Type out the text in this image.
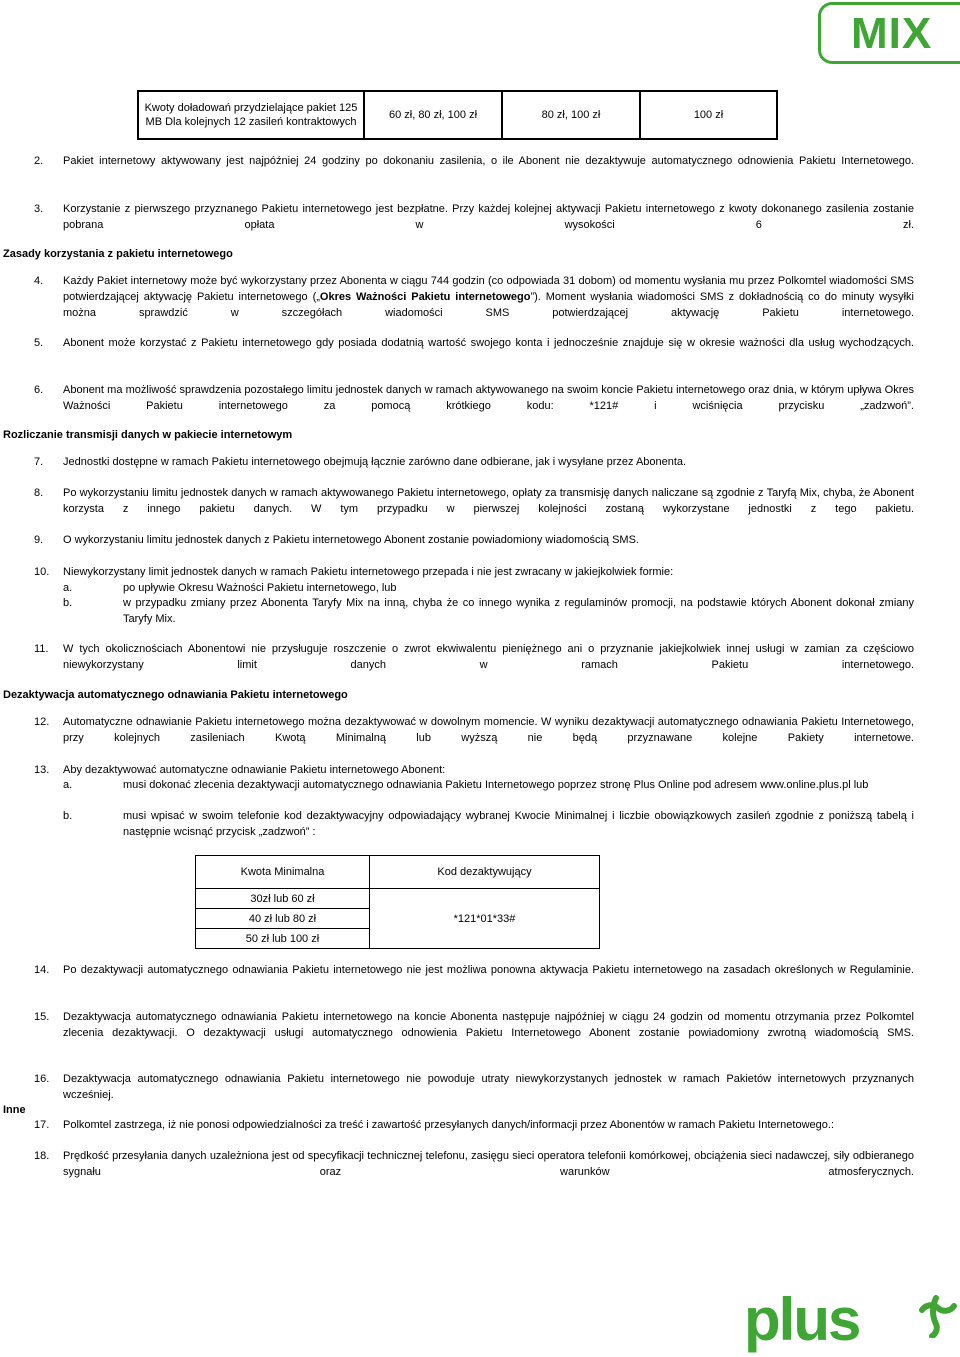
MIX
Kwoty doładowań przydzielające pakiet 125 MB Dla kolejnych 12 zasileń kontraktowych	60 zł, 80 zł, 100 zł	80 zł, 100 zł	100 zł
2.	Pakiet internetowy aktywowany jest najpóźniej 24 godziny po dokonaniu zasilenia, o ile Abonent nie dezaktywuje automatycznego odnowienia Pakietu Internetowego.
3.	Korzystanie z pierwszego przyznanego Pakietu internetowego jest bezpłatne. Przy każdej kolejnej aktywacji Pakietu internetowego z kwoty dokonanego zasilenia zostanie pobrana opłata w wysokości 6 zł.
Zasady korzystania z pakietu internetowego
4.	Każdy Pakiet internetowy może być wykorzystany przez Abonenta w ciągu 744 godzin (co odpowiada 31 dobom) od momentu wysłania mu przez Polkomtel wiadomości SMS potwierdzającej aktywację Pakietu internetowego („Okres Ważności Pakietu internetowego”). Moment wysłania wiadomości SMS z dokładnością co do minuty wysyłki można sprawdzić w szczegółach wiadomości SMS potwierdzającej aktywację Pakietu internetowego.
5.	Abonent może korzystać z Pakietu internetowego gdy posiada dodatnią wartość swojego konta i jednocześnie znajduje się w okresie ważności dla usług wychodzących.
6.	Abonent ma możliwość sprawdzenia pozostałego limitu jednostek danych w ramach aktywowanego na swoim koncie Pakietu internetowego oraz dnia, w którym upływa Okres Ważności Pakietu internetowego za pomocą krótkiego kodu: *121# i wciśnięcia przycisku „zadzwoń”.
Rozliczanie transmisji danych w pakiecie internetowym
7.	Jednostki dostępne w ramach Pakietu internetowego obejmują łącznie zarówno dane odbierane, jak i wysyłane przez Abonenta.
8.	Po wykorzystaniu limitu jednostek danych w ramach aktywowanego Pakietu internetowego, opłaty za transmisję danych naliczane są zgodnie z Taryfą Mix, chyba, że Abonent korzysta z innego pakietu danych. W tym przypadku w pierwszej kolejności zostaną wykorzystane jednostki z tego pakietu.
9.	O wykorzystaniu limitu jednostek danych z Pakietu internetowego Abonent zostanie powiadomiony wiadomością SMS.
10.	Niewykorzystany limit jednostek danych w ramach Pakietu internetowego przepada i nie jest zwracany w jakiejkolwiek formie:
a.	po upływie Okresu Ważności Pakietu internetowego, lub
b.	w przypadku zmiany przez Abonenta Taryfy Mix na inną, chyba że co innego wynika z regulaminów promocji, na podstawie których Abonent dokonał zmiany Taryfy Mix.
11.	W tych okolicznościach Abonentowi nie przysługuje roszczenie o zwrot ekwiwalentu pieniężnego ani o przyznanie jakiejkolwiek innej usługi w zamian za częściowo niewykorzystany limit danych w ramach Pakietu internetowego.
Dezaktywacja automatycznego odnawiania Pakietu internetowego
12.	Automatyczne odnawianie Pakietu internetowego można dezaktywować w dowolnym momencie. W wyniku dezaktywacji automatycznego odnawiania Pakietu Internetowego, przy kolejnych zasileniach Kwotą Minimalną lub wyższą nie będą przyznawane kolejne Pakiety internetowe.
13.	Aby dezaktywować automatyczne odnawianie Pakietu internetowego Abonent:
a.	musi dokonać zlecenia dezaktywacji automatycznego odnawiania Pakietu Internetowego poprzez stronę Plus Online pod adresem www.online.plus.pl lub
b.	musi wpisać w swoim telefonie kod dezaktywacyjny odpowiadający wybranej Kwocie Minimalnej i liczbie obowiązkowych zasileń zgodnie z poniższą tabelą i następnie wcisnąć przycisk „zadzwoń” :
Kwota Minimalna	Kod dezaktywujący
30zł lub 60 zł	*121*01*33#
40 zł lub 80 zł	
50 zł lub 100 zł	
14.	Po dezaktywacji automatycznego odnawiania Pakietu internetowego nie jest możliwa ponowna aktywacja Pakietu internetowego na zasadach określonych w Regulaminie.
15.	Dezaktywacja automatycznego odnawiania Pakietu internetowego na koncie Abonenta następuje najpóźniej w ciągu 24 godzin od momentu otrzymania przez Polkomtel zlecenia dezaktywacji. O dezaktywacji usługi automatycznego odnowienia Pakietu Internetowego Abonent zostanie powiadomiony zwrotną wiadomością SMS.
16.	Dezaktywacja automatycznego odnawiania Pakietu internetowego nie powoduje utraty niewykorzystanych jednostek w ramach Pakietów internetowych przyznanych wcześniej.
Inne
17.	Polkomtel zastrzega, iż nie ponosi odpowiedzialności za treść i zawartość przesyłanych danych/informacji przez Abonentów w ramach Pakietu Internetowego.:
18.	Prędkość przesyłania danych uzależniona jest od specyfikacji technicznej telefonu, zasięgu sieci operatora telefonii komórkowej, obciążenia sieci nadawczej, siły odbieranego sygnału oraz warunków atmosferycznych.
plus
